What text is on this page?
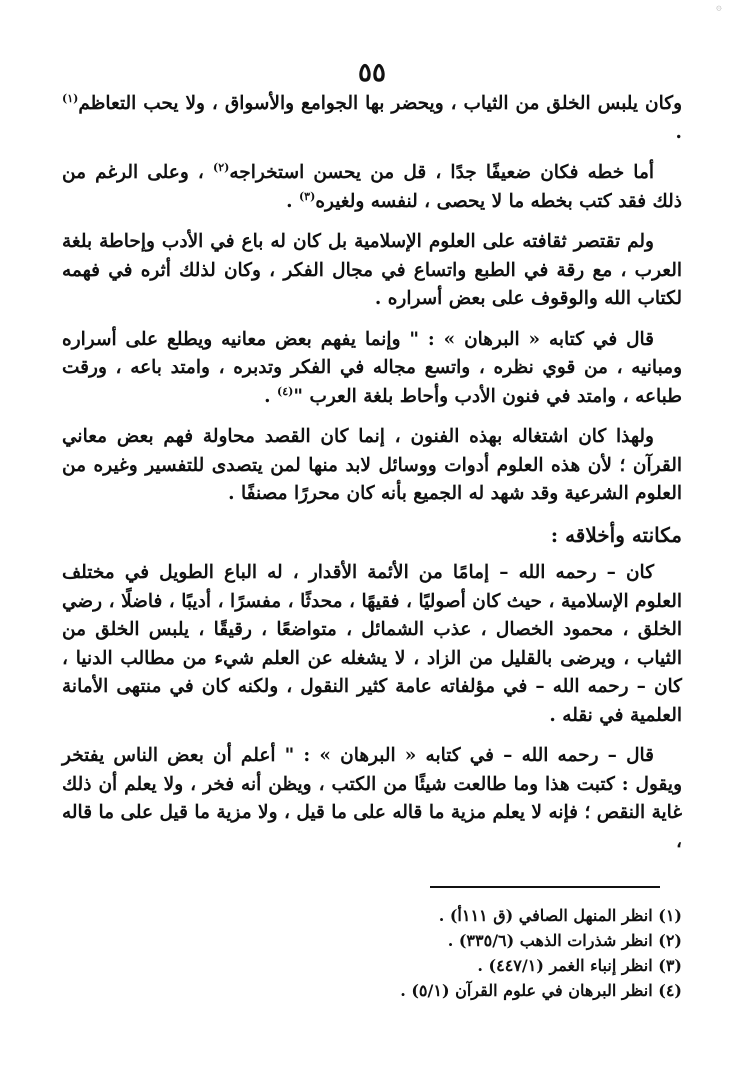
۞
٥٥

وكان يلبس الخلق من الثياب ، ويحضر بها الجوامع والأسواق ، ولا يحب التعاظم$^{(١)}$ .

أما خطه فكان ضعيفًا جدًا ، قل من يحسن استخراجه$^{(٢)}$ ، وعلى الرغم من ذلك فقد كتب بخطه ما لا يحصى ، لنفسه ولغيره$^{(٣)}$ .

ولم تقتصر ثقافته على العلوم الإسلامية بل كان له باع في الأدب وإحاطة بلغة العرب ، مع رقة في الطبع واتساع في مجال الفكر ، وكان لذلك أثره في فهمه لكتاب الله والوقوف على بعض أسراره .

قال في كتابه « البرهان » : " وإنما يفهم بعض معانيه ويطلع على أسراره ومبانيه ، من قوي نظره ، واتسع مجاله في الفكر وتدبره ، وامتد باعه ، ورقت طباعه ، وامتد في فنون الأدب وأحاط بلغة العرب "$^{(٤)}$ .

ولهذا كان اشتغاله بهذه الفنون ، إنما كان القصد محاولة فهم بعض معاني القرآن ؛ لأن هذه العلوم أدوات ووسائل لابد منها لمن يتصدى للتفسير وغيره من العلوم الشرعية وقد شهد له الجميع بأنه كان محررًا مصنفًا .

مكانته وأخلاقه :

كان – رحمه الله – إمامًا من الأئمة الأقدار ، له الباع الطويل في مختلف العلوم الإسلامية ، حيث كان أصوليًا ، فقيهًا ، محدثًا ، مفسرًا ، أديبًا ، فاضلًا ، رضي الخلق ، محمود الخصال ، عذب الشمائل ، متواضعًا ، رقيقًا ، يلبس الخلق من الثياب ، ويرضى بالقليل من الزاد ، لا يشغله عن العلم شيء من مطالب الدنيا ، كان – رحمه الله – في مؤلفاته عامة كثير النقول ، ولكنه كان في منتهى الأمانة العلمية في نقله .

قال – رحمه الله – في كتابه « البرهان » : " أعلم أن بعض الناس يفتخر ويقول : كتبت هذا وما طالعت شيئًا من الكتب ، ويظن أنه فخر ، ولا يعلم أن ذلك غاية النقص ؛ فإنه لا يعلم مزية ما قاله على ما قيل ، ولا مزية ما قيل على ما قاله ،

(١) انظر المنهل الصافي (ق ١١١أ) .
(٢) انظر شذرات الذهب (٣٣٥/٦) .
(٣) انظر إنباء الغمر (٤٤٧/١) .
(٤) انظر البرهان في علوم القرآن (٥/١) .
